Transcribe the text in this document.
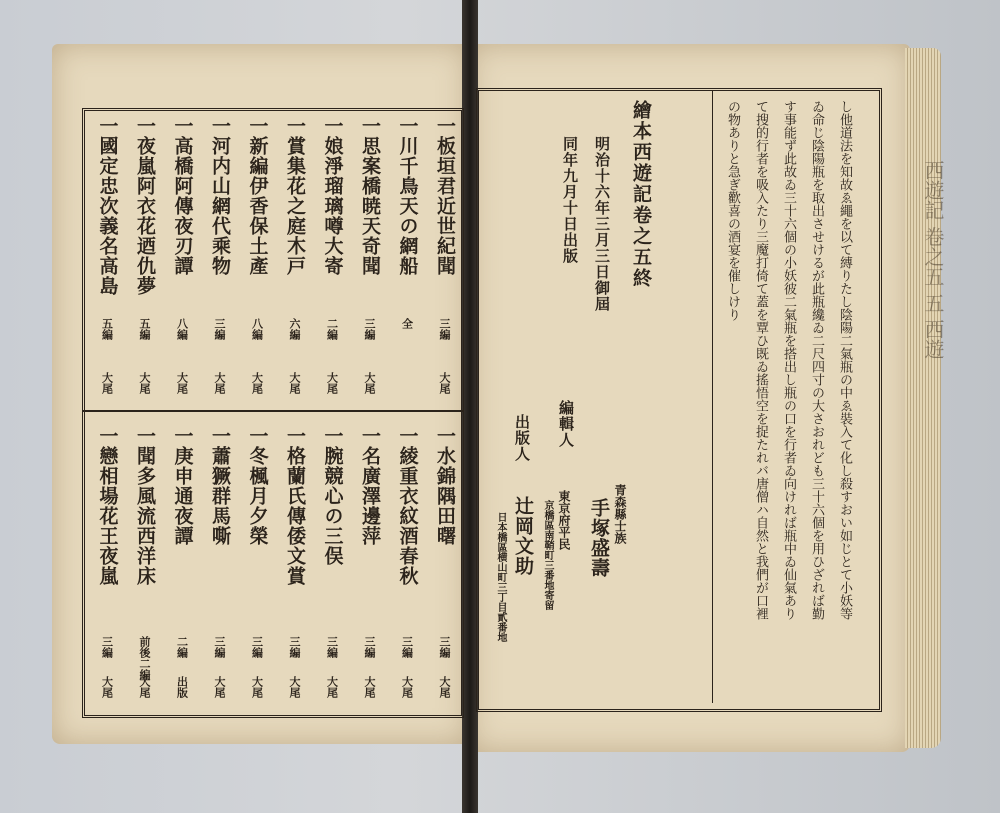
西遊記 卷之五 五 西遊
一板垣君近世紀聞
三編
大尾
一川千鳥天の網船
全
一思案橋暁天奇聞
三編
大尾
一娘淨瑠璃噂大寄
二編
大尾
一賞集花之庭木戸
六編
大尾
一新編伊香保土產
八編
大尾
一河内山網代乘物
三編
大尾
一高橋阿傳夜刃譚
八編
大尾
一夜嵐阿衣花迺仇夢
五編
大尾
一國定忠次義名高島
五編
大尾
一水錦隅田曙
三編
大尾
一綾重衣紋酒春秋
三編
大尾
一名廣澤邊萍
三編
大尾
一腕競心の三俣
三編
大尾
一格蘭氏傳倭文賞
三編
大尾
一冬楓月夕榮
三編
大尾
一蕭獗群馬嘶
三編
大尾
一庚申通夜譚
二編
出版
一聞多風流西洋床
前後二編
大尾
一戀相場花王夜嵐
三編
大尾
し他道法を知故ゑ繩を以て縛りたし陰陽二氣瓶の中ゑ裝入て化し殺すおい如じとて小妖等
ゐ命じ陰陽瓶を取出させけるが此瓶纔ゐ二尺四寸の大さおれども三十六個を用ひざれば勤
す事能ず此故ゐ三十六個の小妖彼二氣瓶を搭出し瓶の口を行者ゐ向ければ瓶中ゐ仙氣あり
て搜的行者を吸入たり三魔打倚て蓋を覃ひ既ゐ搖悟空を捉たれバ唐僧ハ自然と我們が口裡
の物ありと急ぎ歡喜の酒宴を催しけり
繪本西遊記卷之五終
明治十六年三月三日御屆
同年九月十日出版
編輯人
青森縣士族
手塚盛壽
東京府平民
京橋區南鞘町三番地寄留
出版人
辻岡文助
日本橋區横山町三丁目貳番地
